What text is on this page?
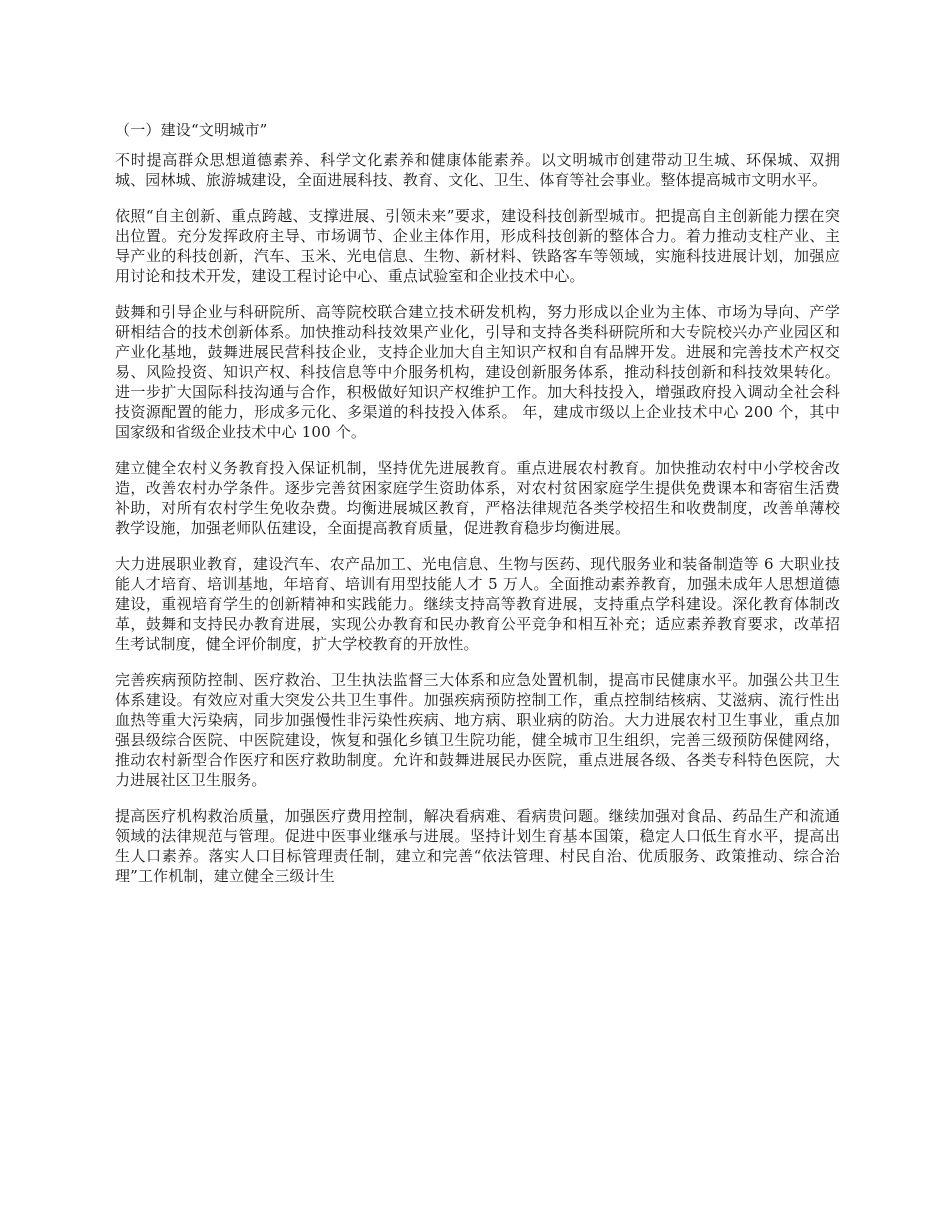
（一）建设“文明城市”

不时提高群众思想道德素养、科学文化素养和健康体能素养。以文明城市创建带动卫生城、环保城、双拥城、园林城、旅游城建设，全面进展科技、教育、文化、卫生、体育等社会事业。整体提高城市文明水平。

依照“自主创新、重点跨越、支撑进展、引领未来”要求，建设科技创新型城市。把提高自主创新能力摆在突出位置。充分发挥政府主导、市场调节、企业主体作用，形成科技创新的整体合力。着力推动支柱产业、主导产业的科技创新，汽车、玉米、光电信息、生物、新材料、铁路客车等领域，实施科技进展计划，加强应用讨论和技术开发，建设工程讨论中心、重点试验室和企业技术中心。

鼓舞和引导企业与科研院所、高等院校联合建立技术研发机构，努力形成以企业为主体、市场为导向、产学研相结合的技术创新体系。加快推动科技效果产业化，引导和支持各类科研院所和大专院校兴办产业园区和产业化基地，鼓舞进展民营科技企业，支持企业加大自主知识产权和自有品牌开发。进展和完善技术产权交易、风险投资、知识产权、科技信息等中介服务机构，建设创新服务体系，推动科技创新和科技效果转化。进一步扩大国际科技沟通与合作，积极做好知识产权维护工作。加大科技投入，增强政府投入调动全社会科技资源配置的能力，形成多元化、多渠道的科技投入体系。 年，建成市级以上企业技术中心 200 个，其中国家级和省级企业技术中心 100 个。

建立健全农村义务教育投入保证机制，坚持优先进展教育。重点进展农村教育。加快推动农村中小学校舍改造，改善农村办学条件。逐步完善贫困家庭学生资助体系，对农村贫困家庭学生提供免费课本和寄宿生活费补助，对所有农村学生免收杂费。均衡进展城区教育，严格法律规范各类学校招生和收费制度，改善单薄校教学设施，加强老师队伍建设，全面提高教育质量，促进教育稳步均衡进展。

大力进展职业教育，建设汽车、农产品加工、光电信息、生物与医药、现代服务业和装备制造等 6 大职业技能人才培育、培训基地，年培育、培训有用型技能人才 5 万人。全面推动素养教育，加强未成年人思想道德建设，重视培育学生的创新精神和实践能力。继续支持高等教育进展，支持重点学科建设。深化教育体制改革，鼓舞和支持民办教育进展，实现公办教育和民办教育公平竞争和相互补充；适应素养教育要求，改革招生考试制度，健全评价制度，扩大学校教育的开放性。

完善疾病预防控制、医疗救治、卫生执法监督三大体系和应急处置机制，提高市民健康水平。加强公共卫生体系建设。有效应对重大突发公共卫生事件。加强疾病预防控制工作，重点控制结核病、艾滋病、流行性出血热等重大污染病，同步加强慢性非污染性疾病、地方病、职业病的防治。大力进展农村卫生事业，重点加强县级综合医院、中医院建设，恢复和强化乡镇卫生院功能，健全城市卫生组织，完善三级预防保健网络，推动农村新型合作医疗和医疗救助制度。允许和鼓舞进展民办医院，重点进展各级、各类专科特色医院，大力进展社区卫生服务。

提高医疗机构救治质量，加强医疗费用控制，解决看病难、看病贵问题。继续加强对食品、药品生产和流通领域的法律规范与管理。促进中医事业继承与进展。坚持计划生育基本国策，稳定人口低生育水平，提高出生人口素养。落实人口目标管理责任制，建立和完善“依法管理、村民自治、优质服务、政策推动、综合治理”工作机制，建立健全三级计生
